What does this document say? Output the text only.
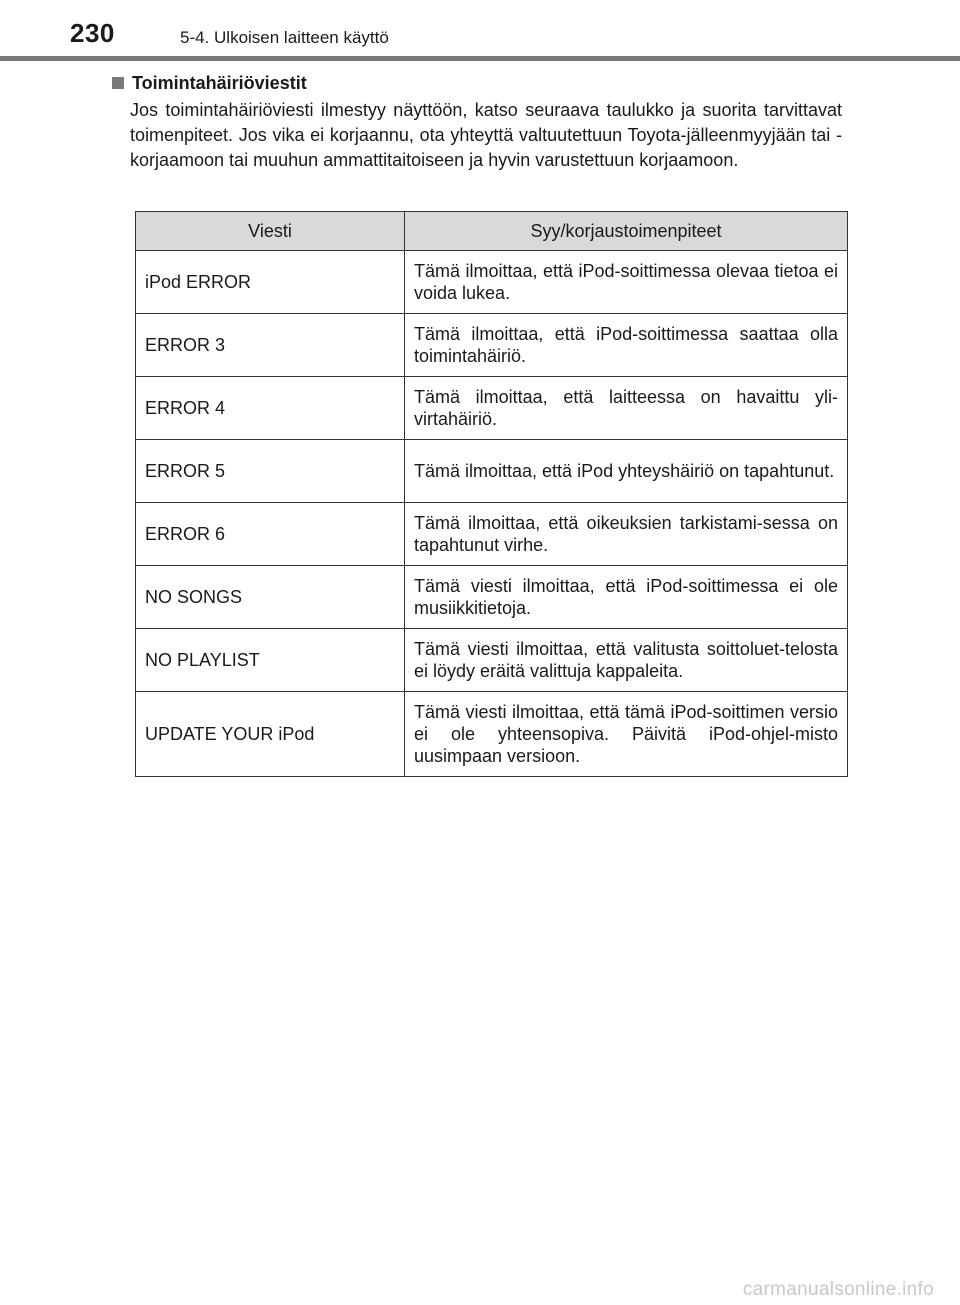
230	5-4. Ulkoisen laitteen käyttö
Toimintahäiriöviestit

Jos toimintahäiriöviesti ilmestyy näyttöön, katso seuraava taulukko ja suorita tarvittavat toimenpiteet. Jos vika ei korjaannu, ota yhteyttä valtuutettuun Toyota-jälleenmyyjään tai -korjaamoon tai muuhun ammattitaitoiseen ja hyvin varustettuun korjaamoon.

Viesti	Syy/korjaustoimenpiteet
iPod ERROR	Tämä ilmoittaa, että iPod-soittimessa olevaa tietoa ei voida lukea.
ERROR 3	Tämä ilmoittaa, että iPod-soittimessa saattaa olla toimintahäiriö.
ERROR 4	Tämä ilmoittaa, että laitteessa on havaittu yli-virtahäiriö.
ERROR 5	Tämä ilmoittaa, että iPod yhteyshäiriö on tapahtunut.
ERROR 6	Tämä ilmoittaa, että oikeuksien tarkistami-sessa on tapahtunut virhe.
NO SONGS	Tämä viesti ilmoittaa, että iPod-soittimessa ei ole musiikkitietoja.
NO PLAYLIST	Tämä viesti ilmoittaa, että valitusta soittoluet-telosta ei löydy eräitä valittuja kappaleita.
UPDATE YOUR iPod	Tämä viesti ilmoittaa, että tämä iPod-soittimen versio ei ole yhteensopiva. Päivitä iPod-ohjel-misto uusimpaan versioon.
carmanualsonline.info
